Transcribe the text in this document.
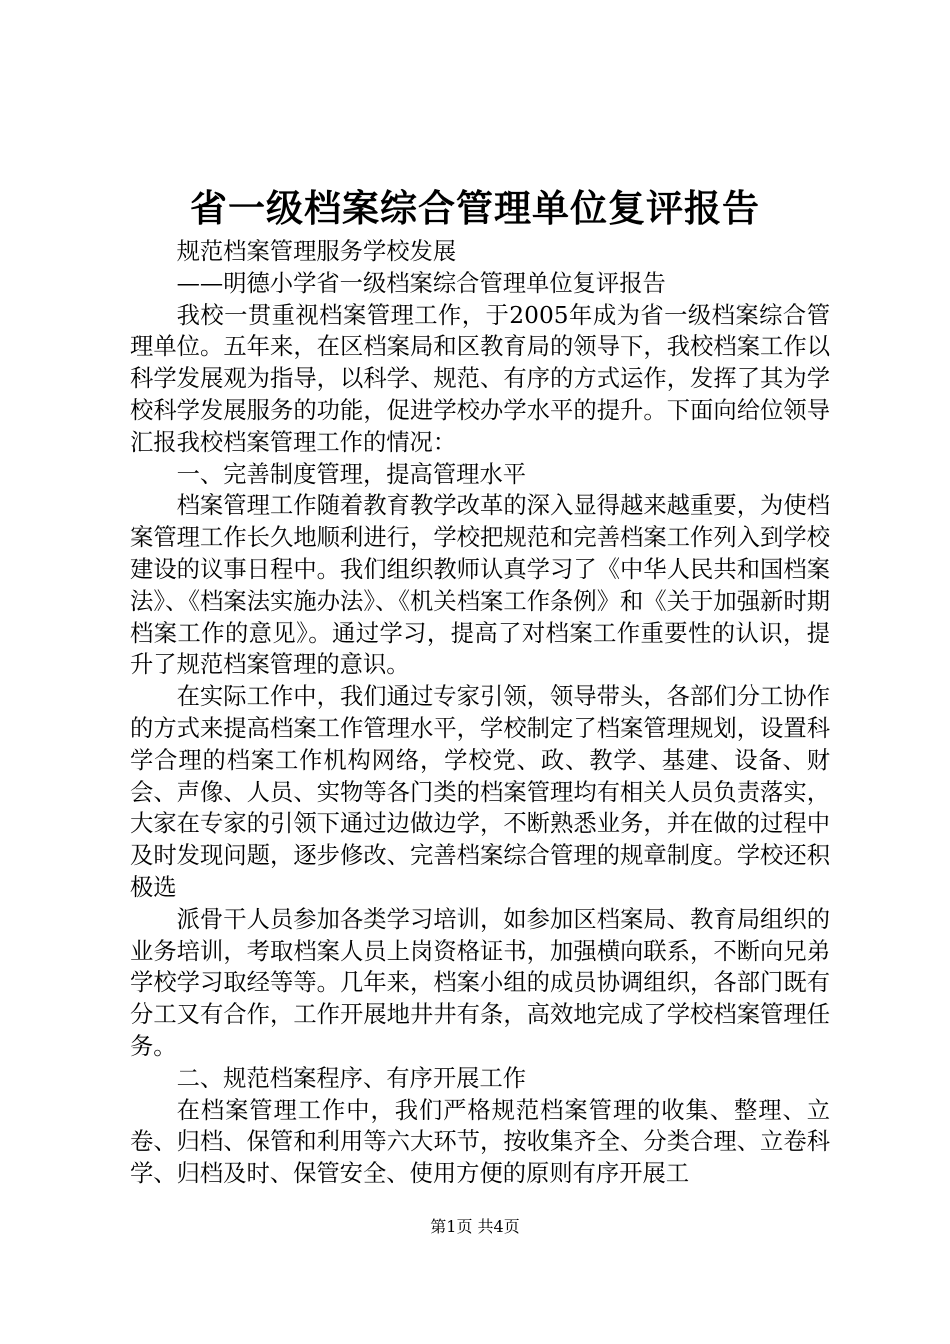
省一级档案综合管理单位复评报告

规范档案管理服务学校发展

——明德小学省一级档案综合管理单位复评报告

我校一贯重视档案管理工作，于2005年成为省一级档案综合管理单位。五年来，在区档案局和区教育局的领导下，我校档案工作以科学发展观为指导，以科学、规范、有序的方式运作，发挥了其为学校科学发展服务的功能，促进学校办学水平的提升。下面向给位领导汇报我校档案管理工作的情况：

一、完善制度管理，提高管理水平

档案管理工作随着教育教学改革的深入显得越来越重要，为使档案管理工作长久地顺利进行，学校把规范和完善档案工作列入到学校建设的议事日程中。我们组织教师认真学习了《中华人民共和国档案法》、《档案法实施办法》、《机关档案工作条例》和《关于加强新时期档案工作的意见》。通过学习，提高了对档案工作重要性的认识，提升了规范档案管理的意识。

在实际工作中，我们通过专家引领，领导带头，各部们分工协作的方式来提高档案工作管理水平，学校制定了档案管理规划，设置科学合理的档案工作机构网络，学校党、政、教学、基建、设备、财会、声像、人员、实物等各门类的档案管理均有相关人员负责落实，大家在专家的引领下通过边做边学，不断熟悉业务，并在做的过程中及时发现问题，逐步修改、完善档案综合管理的规章制度。学校还积极选

派骨干人员参加各类学习培训，如参加区档案局、教育局组织的业务培训，考取档案人员上岗资格证书，加强横向联系，不断向兄弟学校学习取经等等。几年来，档案小组的成员协调组织，各部门既有分工又有合作，工作开展地井井有条，高效地完成了学校档案管理任务。

二、规范档案程序、有序开展工作

在档案管理工作中，我们严格规范档案管理的收集、整理、立卷、归档、保管和利用等六大环节，按收集齐全、分类合理、立卷科学、归档及时、保管安全、使用方便的原则有序开展工

第1页 共4页
